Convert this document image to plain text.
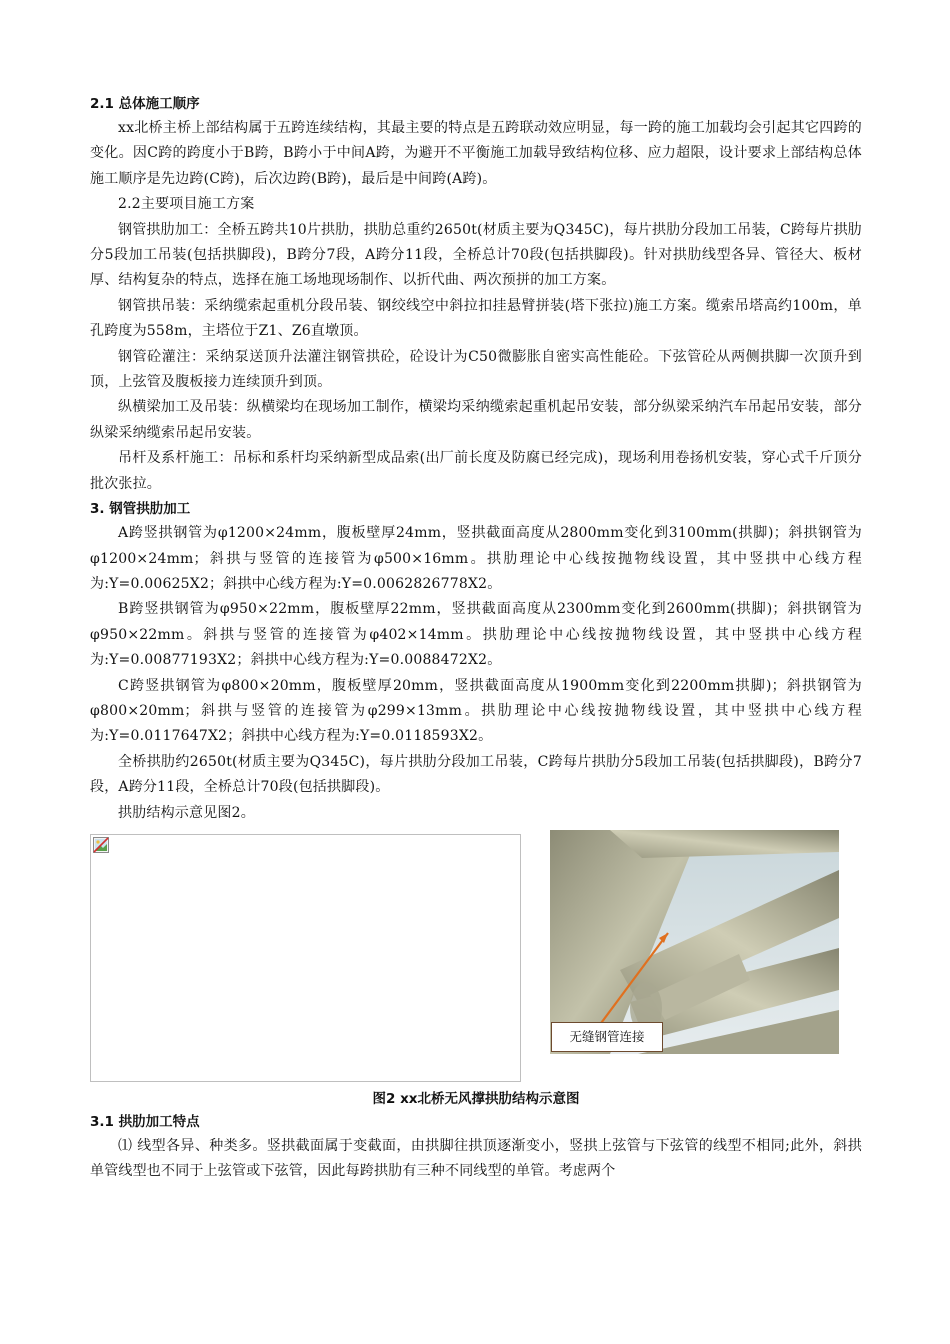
2.1 总体施工顺序

xx北桥主桥上部结构属于五跨连续结构，其最主要的特点是五跨联动效应明显，每一跨的施工加载均会引起其它四跨的变化。因C跨的跨度小于B跨，B跨小于中间A跨，为避开不平衡施工加载导致结构位移、应力超限，设计要求上部结构总体施工顺序是先边跨(C跨)，后次边跨(B跨)，最后是中间跨(A跨)。

2.2主要项目施工方案

钢管拱肋加工：全桥五跨共10片拱肋，拱肋总重约2650t(材质主要为Q345C)，每片拱肋分段加工吊装，C跨每片拱肋分5段加工吊装(包括拱脚段)，B跨分7段，A跨分11段，全桥总计70段(包括拱脚段)。针对拱肋线型各异、管径大、板材厚、结构复杂的特点，选择在施工场地现场制作、以折代曲、两次预拼的加工方案。

钢管拱吊装：采纳缆索起重机分段吊装、钢绞线空中斜拉扣挂悬臂拼装(塔下张拉)施工方案。缆索吊塔高约100m，单孔跨度为558m，主塔位于Z1、Z6直墩顶。

钢管砼灌注：采纳泵送顶升法灌注钢管拱砼，砼设计为C50微膨胀自密实高性能砼。下弦管砼从两侧拱脚一次顶升到顶，上弦管及腹板接力连续顶升到顶。

纵横梁加工及吊装：纵横梁均在现场加工制作，横梁均采纳缆索起重机起吊安装，部分纵梁采纳汽车吊起吊安装，部分纵梁采纳缆索吊起吊安装。

吊杆及系杆施工：吊标和系杆均采纳新型成品索(出厂前长度及防腐已经完成)，现场利用卷扬机安装，穿心式千斤顶分批次张拉。

3. 钢管拱肋加工

A跨竖拱钢管为φ1200×24mm，腹板壁厚24mm，竖拱截面高度从2800mm变化到3100mm(拱脚)；斜拱钢管为φ1200×24mm；斜拱与竖管的连接管为φ500×16mm。拱肋理论中心线按抛物线设置，其中竖拱中心线方程为:Y=0.00625X2；斜拱中心线方程为:Y=0.0062826778X2。

B跨竖拱钢管为φ950×22mm，腹板壁厚22mm，竖拱截面高度从2300mm变化到2600mm(拱脚)；斜拱钢管为φ950×22mm。斜拱与竖管的连接管为φ402×14mm。拱肋理论中心线按抛物线设置，其中竖拱中心线方程为:Y=0.00877193X2；斜拱中心线方程为:Y=0.0088472X2。

C跨竖拱钢管为φ800×20mm，腹板壁厚20mm，竖拱截面高度从1900mm变化到2200mm拱脚)；斜拱钢管为φ800×20mm；斜拱与竖管的连接管为φ299×13mm。拱肋理论中心线按抛物线设置，其中竖拱中心线方程为:Y=0.0117647X2；斜拱中心线方程为:Y=0.0118593X2。

全桥拱肋约2650t(材质主要为Q345C)，每片拱肋分段加工吊装，C跨每片拱肋分5段加工吊装(包括拱脚段)，B跨分7段，A跨分11段，全桥总计70段(包括拱脚段)。

拱肋结构示意见图2。

无缝钢管连接

图2 xx北桥无风撑拱肋结构示意图

3.1 拱肋加工特点

⑴ 线型各异、种类多。竖拱截面属于变截面，由拱脚往拱顶逐渐变小，竖拱上弦管与下弦管的线型不相同;此外，斜拱单管线型也不同于上弦管或下弦管，因此每跨拱肋有三种不同线型的单管。考虑两个
